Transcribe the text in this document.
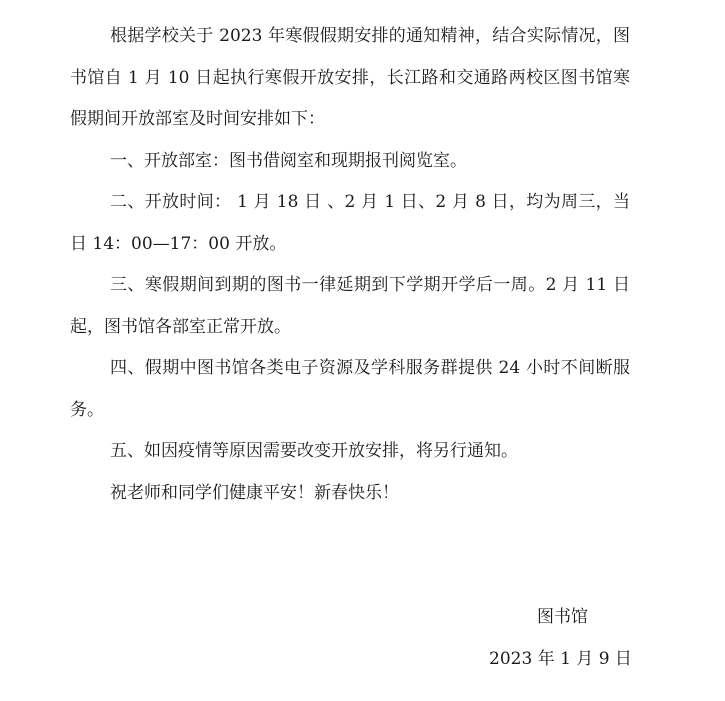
根据学校关于 2023 年寒假假期安排的通知精神，结合实际情况，图书馆自 1 月 10 日起执行寒假开放安排，长江路和交通路两校区图书馆寒假期间开放部室及时间安排如下：

一、开放部室：图书借阅室和现期报刊阅览室。

二、开放时间： 1 月 18 日 、2 月 1 日、2 月 8 日，均为周三，当日 14：00—17：00 开放。

三、寒假期间到期的图书一律延期到下学期开学后一周。2 月 11 日起，图书馆各部室正常开放。

四、假期中图书馆各类电子资源及学科服务群提供 24 小时不间断服务。

五、如因疫情等原因需要改变开放安排，将另行通知。

祝老师和同学们健康平安！新春快乐！

图书馆
2023 年 1 月 9 日
